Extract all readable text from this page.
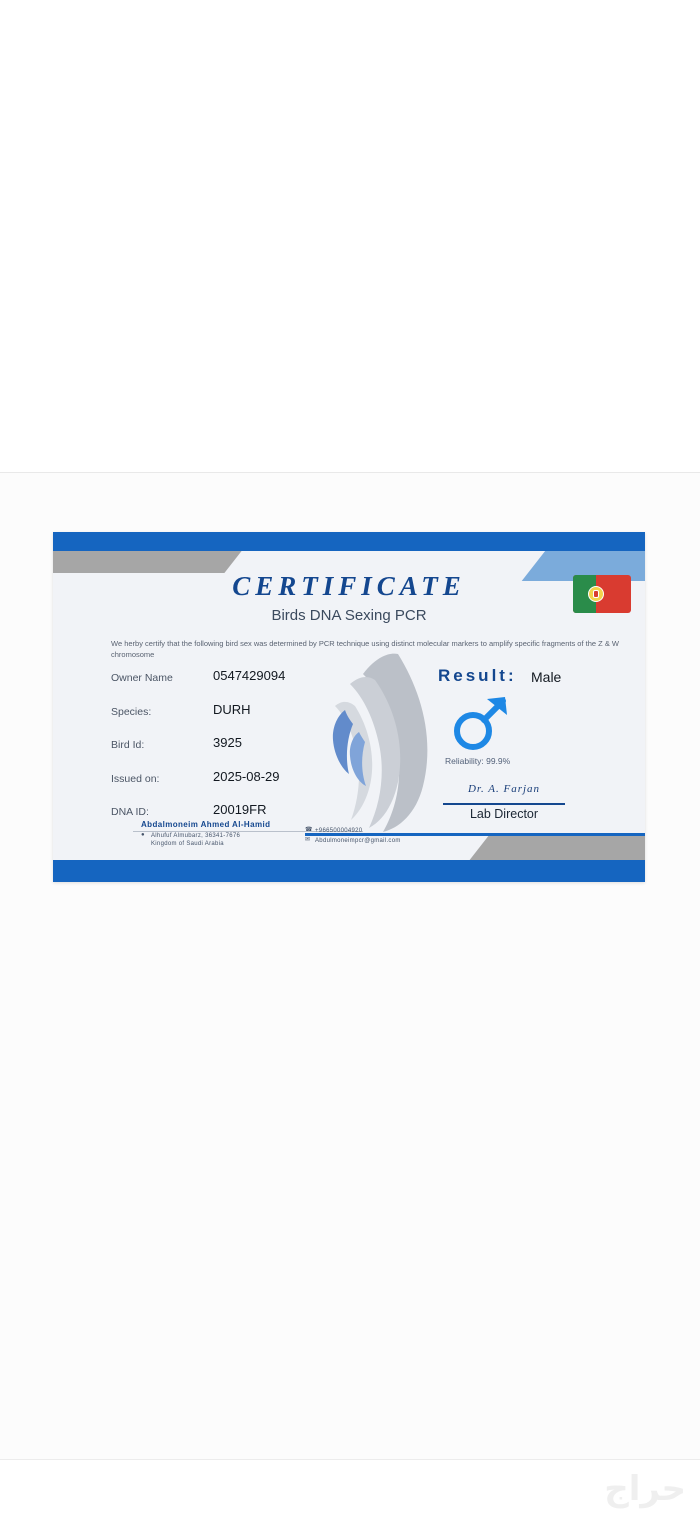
CERTIFICATE
Birds DNA Sexing PCR
We herby certify that the following bird sex was determined by PCR technique using distinct molecular markers to amplify specific fragments of the Z & W chromosome
Owner Name	0547429094
Species:	DURH
Bird Id:	3925
Issued on:	2025-08-29
DNA ID:	20019FR
Result: Male
Reliability: 99.9%
Dr. A. Farjan
Lab Director
Abdalmoneim Ahmed Al-Hamid
●	Alhufuf Almubarz, 36341-7676
Kingdom of Saudi Arabia
☎ +966500004920
✉ Abdulmoneimpcr@gmail.com
حراج
